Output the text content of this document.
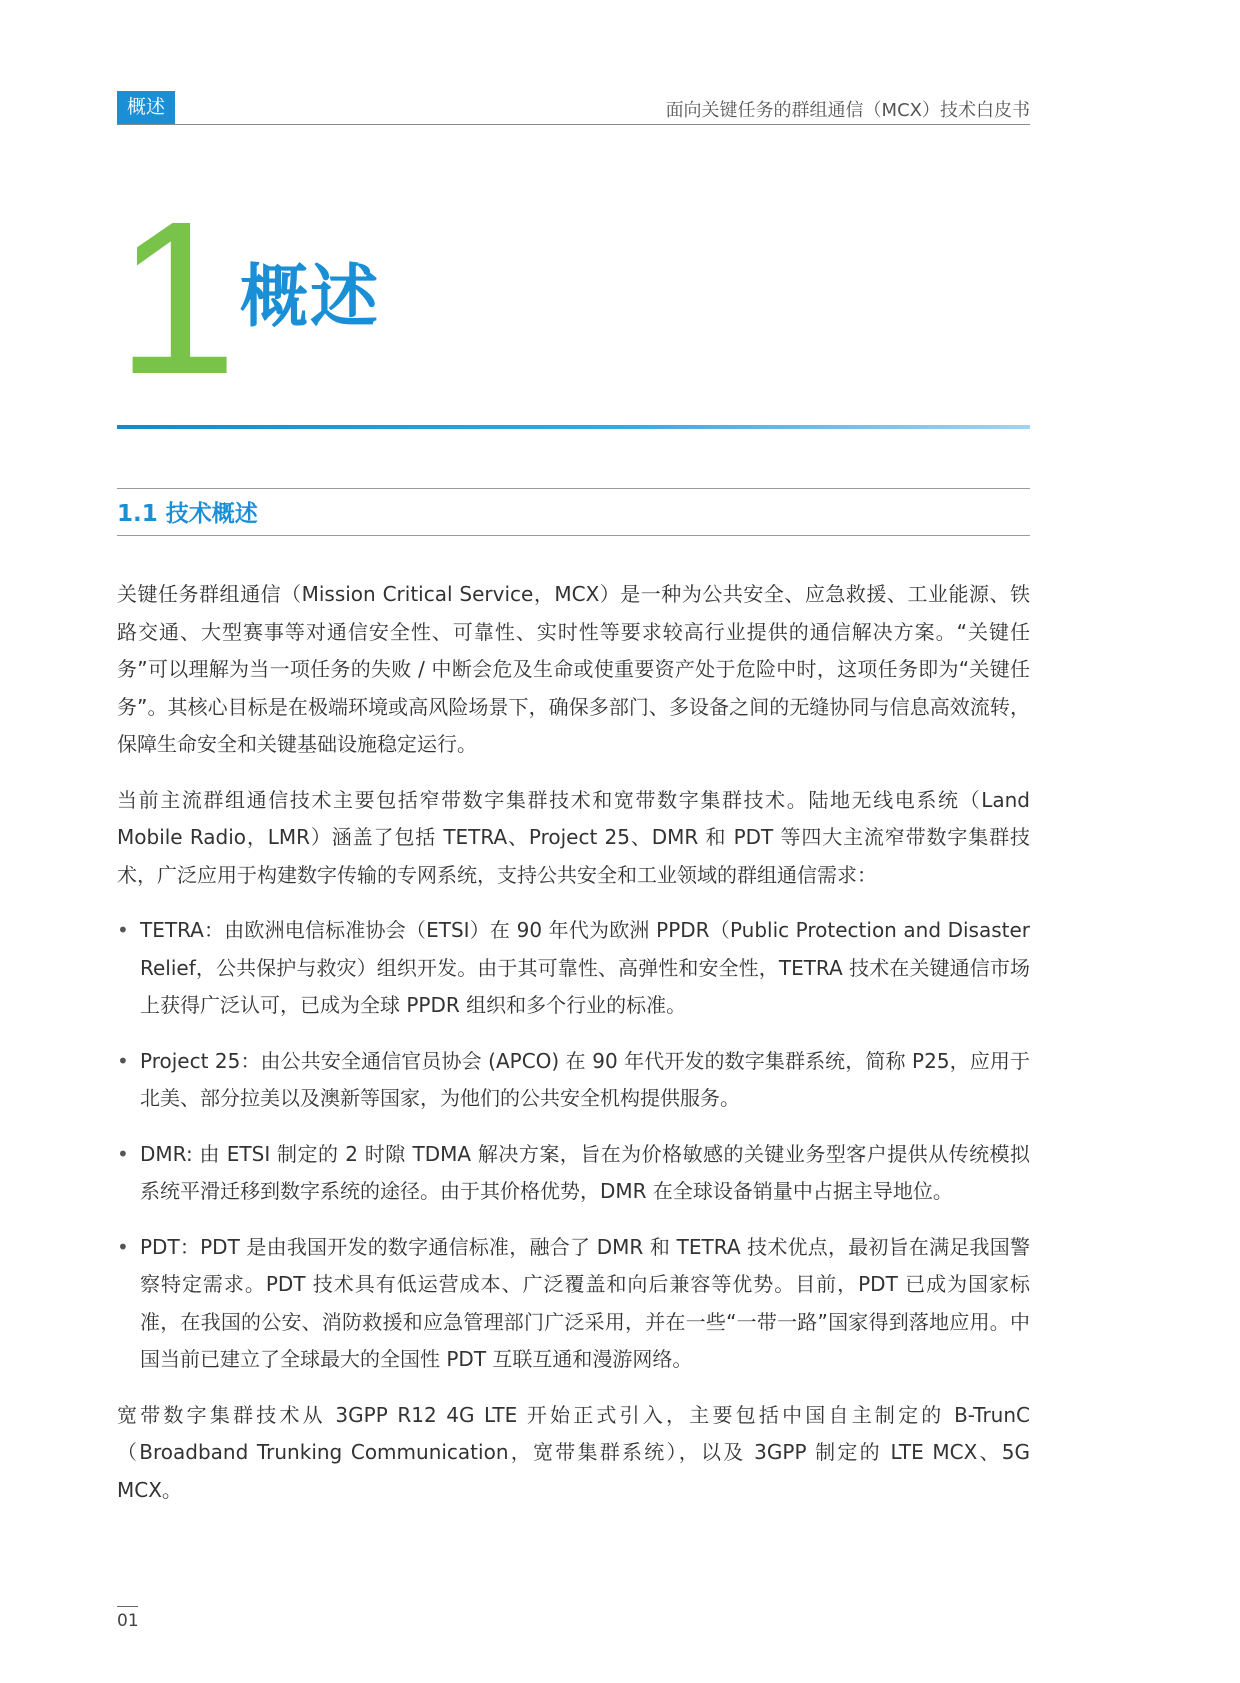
概述	面向关键任务的群组通信（MCX）技术白皮书
1 概述
1.1 技术概述

关键任务群组通信（Mission Critical Service，MCX）是一种为公共安全、应急救援、工业能源、铁路交通、大型赛事等对通信安全性、可靠性、实时性等要求较高行业提供的通信解决方案。“关键任务”可以理解为当一项任务的失败 / 中断会危及生命或使重要资产处于危险中时，这项任务即为“关键任务”。其核心目标是在极端环境或高风险场景下，确保多部门、多设备之间的无缝协同与信息高效流转，保障生命安全和关键基础设施稳定运行。

当前主流群组通信技术主要包括窄带数字集群技术和宽带数字集群技术。陆地无线电系统（Land Mobile Radio，LMR）涵盖了包括 TETRA、Project 25、DMR 和 PDT 等四大主流窄带数字集群技术，广泛应用于构建数字传输的专网系统，支持公共安全和工业领域的群组通信需求：

• TETRA：由欧洲电信标准协会（ETSI）在 90 年代为欧洲 PPDR（Public Protection and Disaster Relief，公共保护与救灾）组织开发。由于其可靠性、高弹性和安全性，TETRA 技术在关键通信市场上获得广泛认可，已成为全球 PPDR 组织和多个行业的标准。
• Project 25：由公共安全通信官员协会 (APCO) 在 90 年代开发的数字集群系统，简称 P25，应用于北美、部分拉美以及澳新等国家，为他们的公共安全机构提供服务。
• DMR: 由 ETSI 制定的 2 时隙 TDMA 解决方案，旨在为价格敏感的关键业务型客户提供从传统模拟系统平滑迁移到数字系统的途径。由于其价格优势，DMR 在全球设备销量中占据主导地位。
• PDT：PDT 是由我国开发的数字通信标准，融合了 DMR 和 TETRA 技术优点，最初旨在满足我国警察特定需求。PDT 技术具有低运营成本、广泛覆盖和向后兼容等优势。目前，PDT 已成为国家标准，在我国的公安、消防救援和应急管理部门广泛采用，并在一些“一带一路”国家得到落地应用。中国当前已建立了全球最大的全国性 PDT 互联互通和漫游网络。

宽带数字集群技术从 3GPP R12 4G LTE 开始正式引入，主要包括中国自主制定的 B-TrunC（Broadband Trunking Communication，宽带集群系统），以及 3GPP 制定的 LTE MCX、5G MCX。

01
